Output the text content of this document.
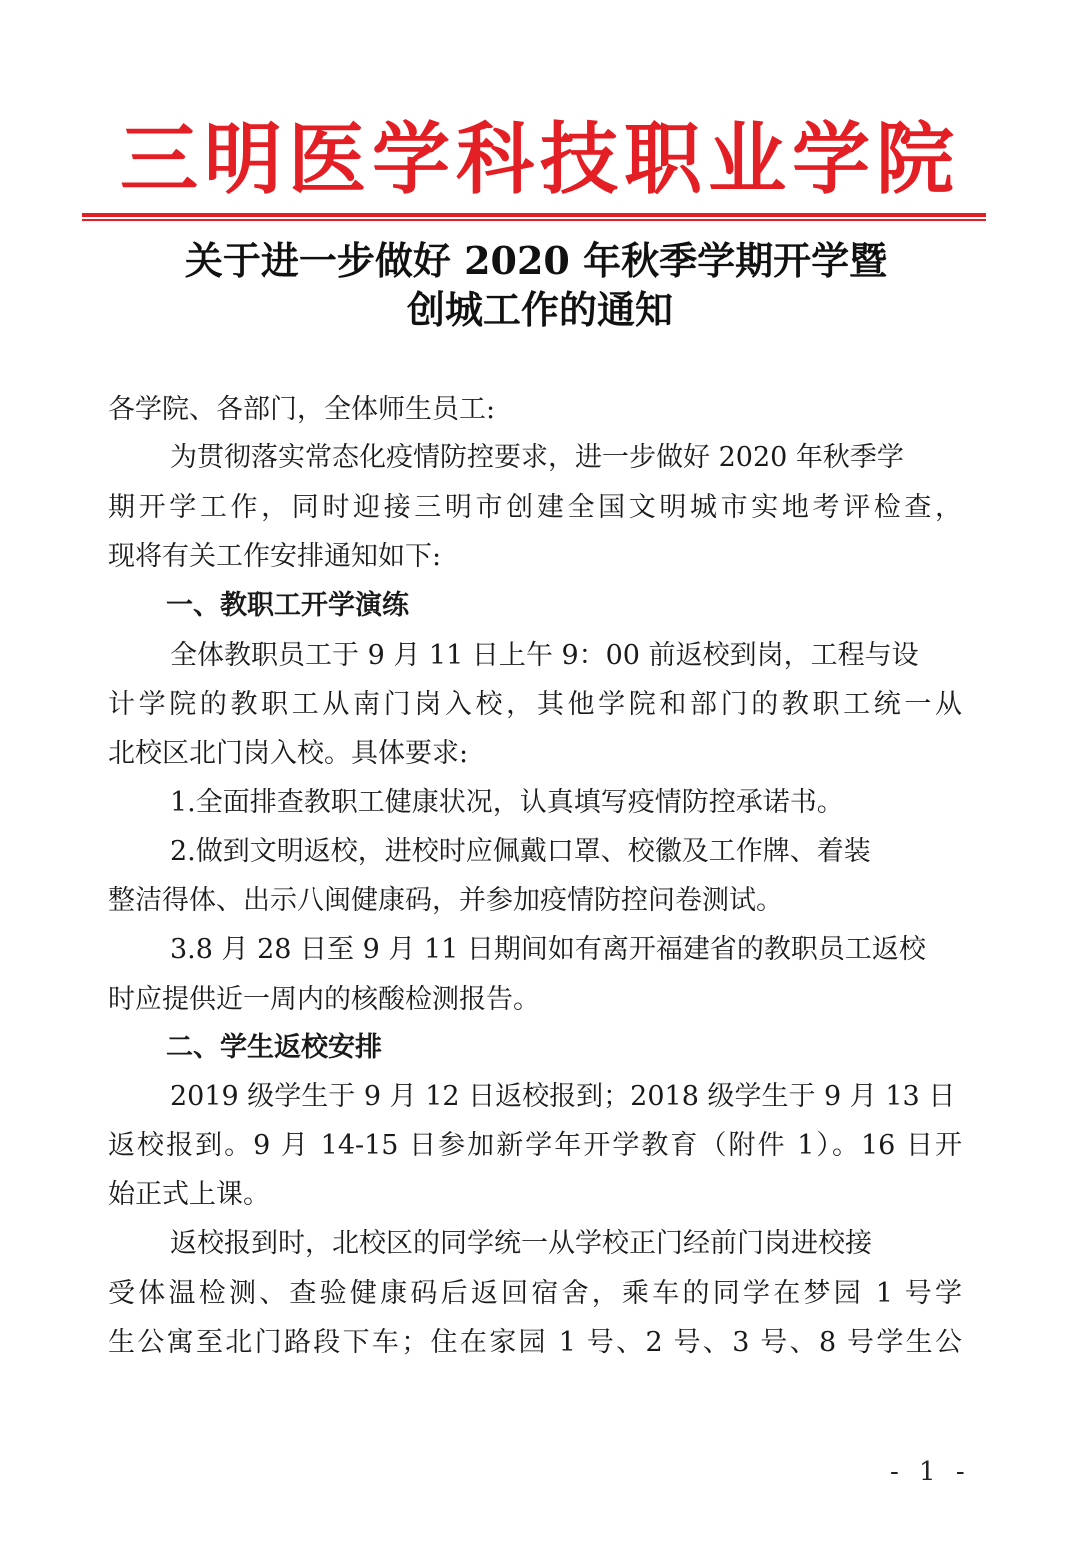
三明医学科技职业学院
关于进一步做好 2020 年秋季学期开学暨
创城工作的通知
各学院、各部门，全体师生员工:
为贯彻落实常态化疫情防控要求，进一步做好 2020 年秋季学
期开学工作，同时迎接三明市创建全国文明城市实地考评检查，
现将有关工作安排通知如下:
一、教职工开学演练
全体教职员工于 9 月 11 日上午 9：00 前返校到岗，工程与设
计学院的教职工从南门岗入校，其他学院和部门的教职工统一从
北校区北门岗入校。具体要求:
1.全面排查教职工健康状况，认真填写疫情防控承诺书。
2.做到文明返校，进校时应佩戴口罩、校徽及工作牌、着装
整洁得体、出示八闽健康码，并参加疫情防控问卷测试。
3.8 月 28 日至 9 月 11 日期间如有离开福建省的教职员工返校
时应提供近一周内的核酸检测报告。
二、学生返校安排
2019 级学生于 9 月 12 日返校报到；2018 级学生于 9 月 13 日
返校报到。9 月 14-15 日参加新学年开学教育（附件 1）。16 日开
始正式上课。
返校报到时，北校区的同学统一从学校正门经前门岗进校接
受体温检测、查验健康码后返回宿舍，乘车的同学在梦园 1 号学
生公寓至北门路段下车；住在家园 1 号、2 号、3 号、8 号学生公
- 1 -
